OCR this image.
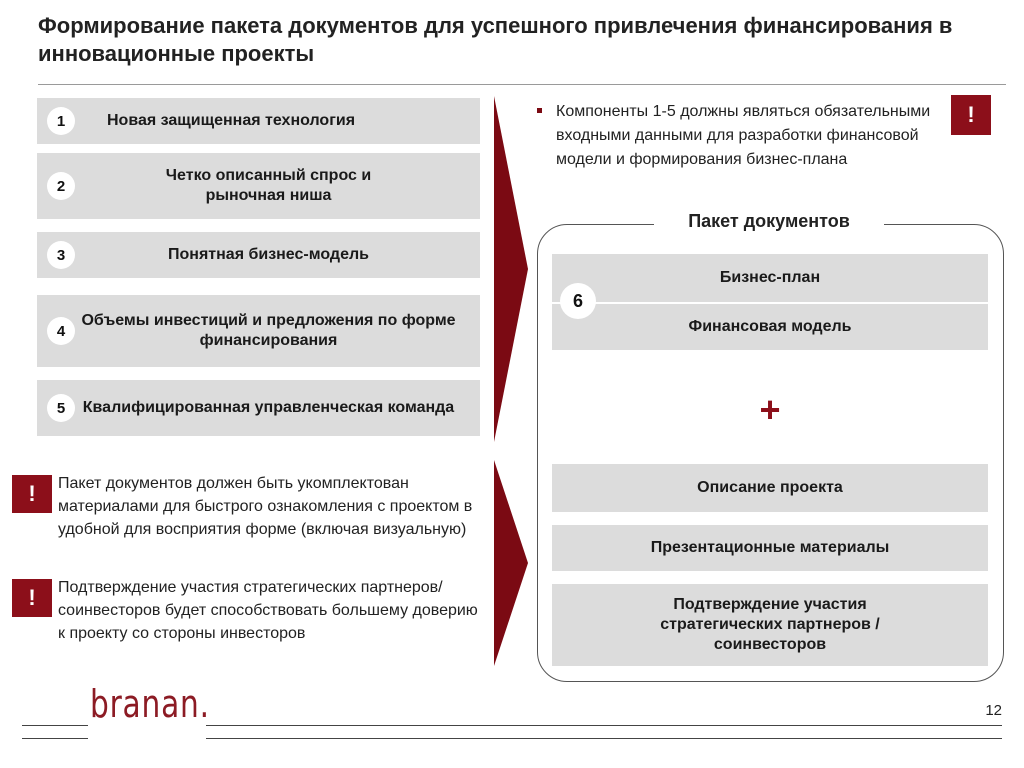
Формирование пакета документов для успешного привлечения финансирования в инновационные проекты
1	Новая защищенная технология
2
Четко описанный спрос и рыночная ниша
3	Понятная бизнес-модель
4
Объемы инвестиций и предложения по форме финансирования
5	Квалифицированная управленческая команда
Компоненты 1-5 должны являться обязательными входными данными для разработки финансовой модели и формирования бизнес-плана
!
Пакет документов
Бизнес-план
Финансовая модель
6
+
Описание проекта
Презентационные материалы
Подтверждение участия стратегических партнеров / соинвесторов
!	Пакет документов должен быть укомплектован материалами для быстрого ознакомления с проектом в удобной для восприятия форме (включая визуальную)
!	Подтверждение участия стратегических партнеров/соинвесторов будет способствовать большему доверию к проекту со стороны инвесторов
branan.	12
